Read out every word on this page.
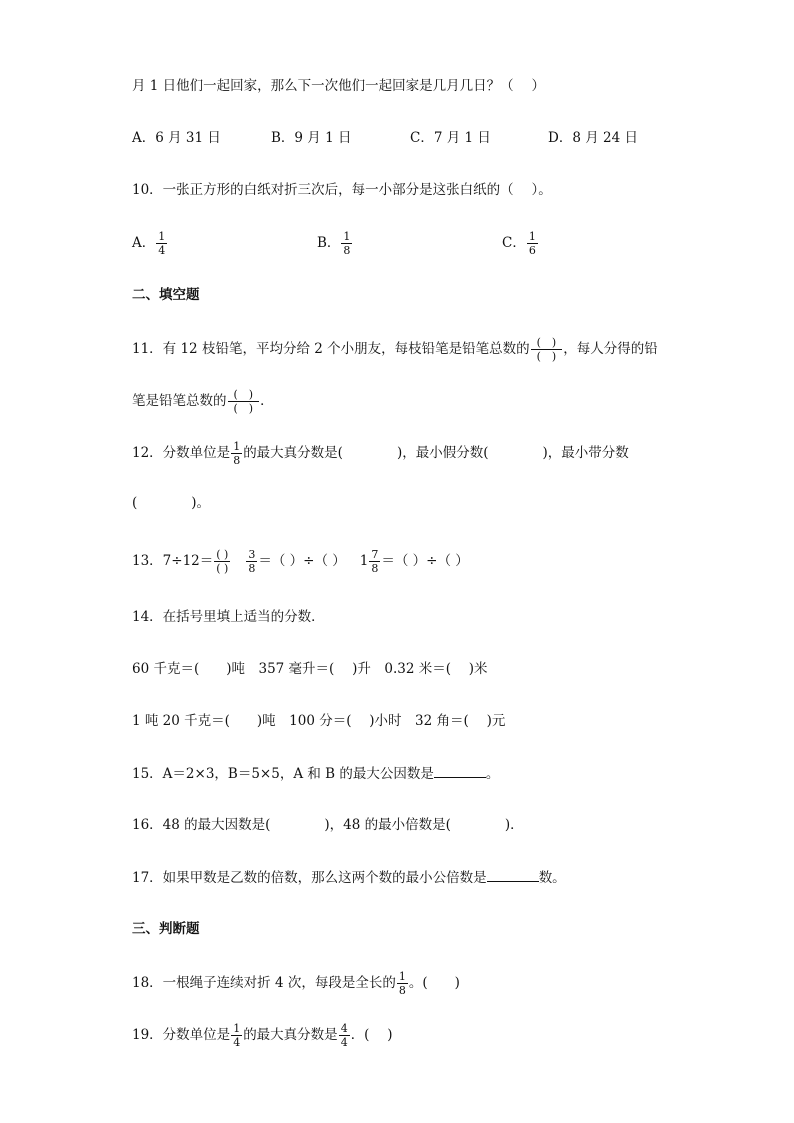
月 1 日他们一起回家，那么下一次他们一起回家是几月几日？（　 ）
A．6 月 31 日	B．9 月 1 日	C．7 月 1 日	D．8 月 24 日
10．一张正方形的白纸对折三次后，每一小部分是这张白纸的（　 ）。
A． $\frac{1}{4}$	B． $\frac{1}{8}$	C． $\frac{1}{6}$
二、填空题
11．有 12 枝铅笔，平均分给 2 个小朋友，每枝铅笔是铅笔总数的 $\frac{( )}{( )}$ ，每人分得的铅
笔是铅笔总数的 $\frac{( )}{( )}$ ．
12．分数单位是 $\frac{1}{8}$ 的最大真分数是(　　　　)，最小假分数(　　　　)，最小带分数
(　　　　)。
13．$7\div 12= \frac{( )}{( )} \frac{3}{8}$ ＝（ ）÷（ ） $1 \frac{7}{8}$ ＝（ ）÷（ ）
14．在括号里填上适当的分数．
60 千克＝(　　)吨　357 毫升＝(　 )升　0.32 米＝(　 )米
1 吨 20 千克＝(　　)吨　100 分＝(　 )小时　32 角＝(　 )元
15．A＝2×3，B＝5×5，A 和 B 的最大公因数是	。
16．48 的最大因数是(　　　　)，48 的最小倍数是(　　　　)．
17．如果甲数是乙数的倍数，那么这两个数的最小公倍数是	数。
三、判断题
18．一根绳子连续对折 4 次，每段是全长的 $\frac{1}{8}$ 。(　　)
19．分数单位是 $\frac{1}{4}$ 的最大真分数是 $\frac{4}{4}$ ．(　 )
